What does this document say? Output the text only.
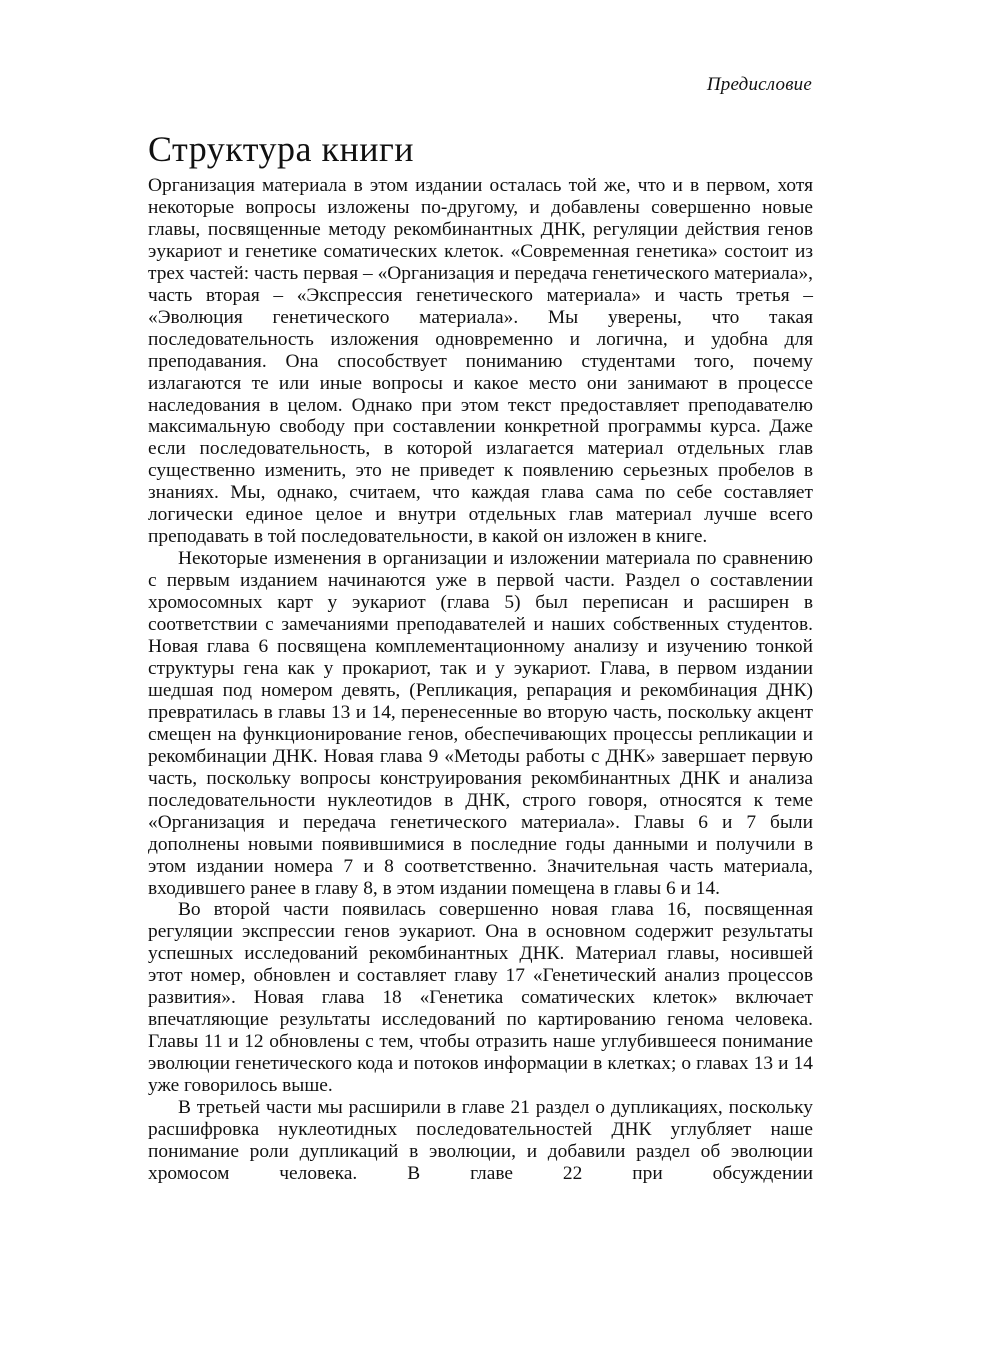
Предисловие
Структура книги

Организация материала в этом издании осталась той же, что и в первом, хотя некоторые вопросы изложены по-другому, и добавлены совершенно новые главы, посвященные методу рекомбинантных ДНК, регуляции действия генов эукариот и генетике соматических клеток. «Современная генетика» состоит из трех частей: часть первая – «Организация и передача генетического материала», часть вторая – «Экспрессия генетического материала» и часть третья – «Эволюция генетического материала». Мы уверены, что такая последовательность изложения одновременно и логична, и удобна для преподавания. Она способствует пониманию студентами того, почему излагаются те или иные вопросы и какое место они занимают в процессе наследования в целом. Однако при этом текст предоставляет преподавателю максимальную свободу при составлении конкретной программы курса. Даже если последовательность, в которой излагается материал отдельных глав существенно изменить, это не приведет к появлению серьезных пробелов в знаниях. Мы, однако, считаем, что каждая глава сама по себе составляет логически единое целое и внутри отдельных глав материал лучше всего преподавать в той последовательности, в какой он изложен в книге.

Некоторые изменения в организации и изложении материала по сравнению с первым изданием начинаются уже в первой части. Раздел о составлении хромосомных карт у эукариот (глава 5) был переписан и расширен в соответствии с замечаниями преподавателей и наших собственных студентов. Новая глава 6 посвящена комплементационному анализу и изучению тонкой структуры гена как у прокариот, так и у эукариот. Глава, в первом издании шедшая под номером девять, (Репликация, репарация и рекомбинация ДНК) превратилась в главы 13 и 14, перенесенные во вторую часть, поскольку акцент смещен на функционирование генов, обеспечивающих процессы репликации и рекомбинации ДНК. Новая глава 9 «Методы работы с ДНК» завершает первую часть, поскольку вопросы конструирования рекомбинантных ДНК и анализа последовательности нуклеотидов в ДНК, строго говоря, относятся к теме «Организация и передача генетического материала». Главы 6 и 7 были дополнены новыми появившимися в последние годы данными и получили в этом издании номера 7 и 8 соответственно. Значительная часть материала, входившего ранее в главу 8, в этом издании помещена в главы 6 и 14.

Во второй части появилась совершенно новая глава 16, посвященная регуляции экспрессии генов эукариот. Она в основном содержит результаты успешных исследований рекомбинантных ДНК. Материал главы, носившей этот номер, обновлен и составляет главу 17 «Генетический анализ процессов развития». Новая глава 18 «Генетика соматических клеток» включает впечатляющие результаты исследований по картированию генома человека. Главы 11 и 12 обновлены с тем, чтобы отразить наше углубившееся понимание эволюции генетического кода и потоков информации в клетках; о главах 13 и 14 уже говорилось выше.

В третьей части мы расширили в главе 21 раздел о дупликациях, поскольку расшифровка нуклеотидных последовательностей ДНК углубляет наше понимание роли дупликаций в эволюции, и добавили раздел об эволюции хромосом человека. В главе 22 при обсуждении
